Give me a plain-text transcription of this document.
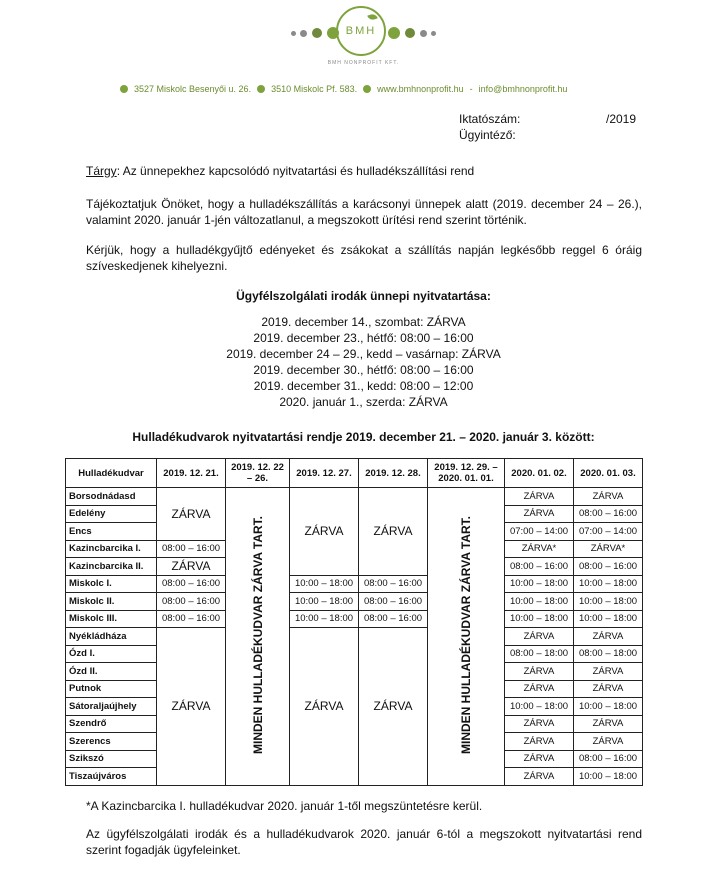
BMH
BMH NONPROFIT KFT.
3527 Miskolc Besenyői u. 26. 3510 Miskolc Pf. 583. www.bmhnonprofit.hu - info@bmhnonprofit.hu
Iktatószám:	/2019
Ügyintéző:
Tárgy: Az ünnepekhez kapcsolódó nyitvatartási és hulladékszállítási rend
Tájékoztatjuk Önöket, hogy a hulladékszállítás a karácsonyi ünnepek alatt (2019. december 24 – 26.), valamint 2020. január 1-jén változatlanul, a megszokott ürítési rend szerint történik.
Kérjük, hogy a hulladékgyűjtő edényeket és zsákokat a szállítás napján legkésőbb reggel 6 óráig szíveskedjenek kihelyezni.
Ügyfélszolgálati irodák ünnepi nyitvatartása:
2019. december 14., szombat: ZÁRVA
2019. december 23., hétfő: 08:00 – 16:00
2019. december 24 – 29., kedd – vasárnap: ZÁRVA
2019. december 30., hétfő: 08:00 – 16:00
2019. december 31., kedd: 08:00 – 12:00
2020. január 1., szerda: ZÁRVA
Hulladékudvarok nyitvatartási rendje 2019. december 21. – 2020. január 3. között:
Hulladékudvar	2019. 12. 21.	2019. 12. 22 – 26.	2019. 12. 27.	2019. 12. 28.	2019. 12. 29. – 2020. 01. 01.	2020. 01. 02.	2020. 01. 03.
Borsodnádasd	ZÁRVA	MINDEN HULLADÉKUDVAR ZÁRVA TART.	ZÁRVA	ZÁRVA	MINDEN HULLADÉKUDVAR ZÁRVA TART.	ZÁRVA	ZÁRVA
Edelény						ZÁRVA	08:00 – 16:00
Encs						07:00 – 14:00	07:00 – 14:00
Kazincbarcika I.	08:00 – 16:00					ZÁRVA*	ZÁRVA*
Kazincbarcika II.	ZÁRVA					08:00 – 16:00	08:00 – 16:00
Miskolc I.	08:00 – 16:00		10:00 – 18:00	08:00 – 16:00		10:00 – 18:00	10:00 – 18:00
Miskolc II.	08:00 – 16:00		10:00 – 18:00	08:00 – 16:00		10:00 – 18:00	10:00 – 18:00
Miskolc III.	08:00 – 16:00		10:00 – 18:00	08:00 – 16:00		10:00 – 18:00	10:00 – 18:00
Nyékládháza	ZÁRVA		ZÁRVA	ZÁRVA		ZÁRVA	ZÁRVA
Ózd I.						08:00 – 18:00	08:00 – 18:00
Ózd II.						ZÁRVA	ZÁRVA
Putnok						ZÁRVA	ZÁRVA
Sátoraljaújhely						10:00 – 18:00	10:00 – 18:00
Szendrő						ZÁRVA	ZÁRVA
Szerencs						ZÁRVA	ZÁRVA
Szikszó						ZÁRVA	08:00 – 16:00
Tiszaújváros						ZÁRVA	10:00 – 18:00
*A Kazincbarcika I. hulladékudvar 2020. január 1-től megszüntetésre kerül.
Az ügyfélszolgálati irodák és a hulladékudvarok 2020. január 6-tól a megszokott nyitvatartási rend szerint fogadják ügyfeleinket.
